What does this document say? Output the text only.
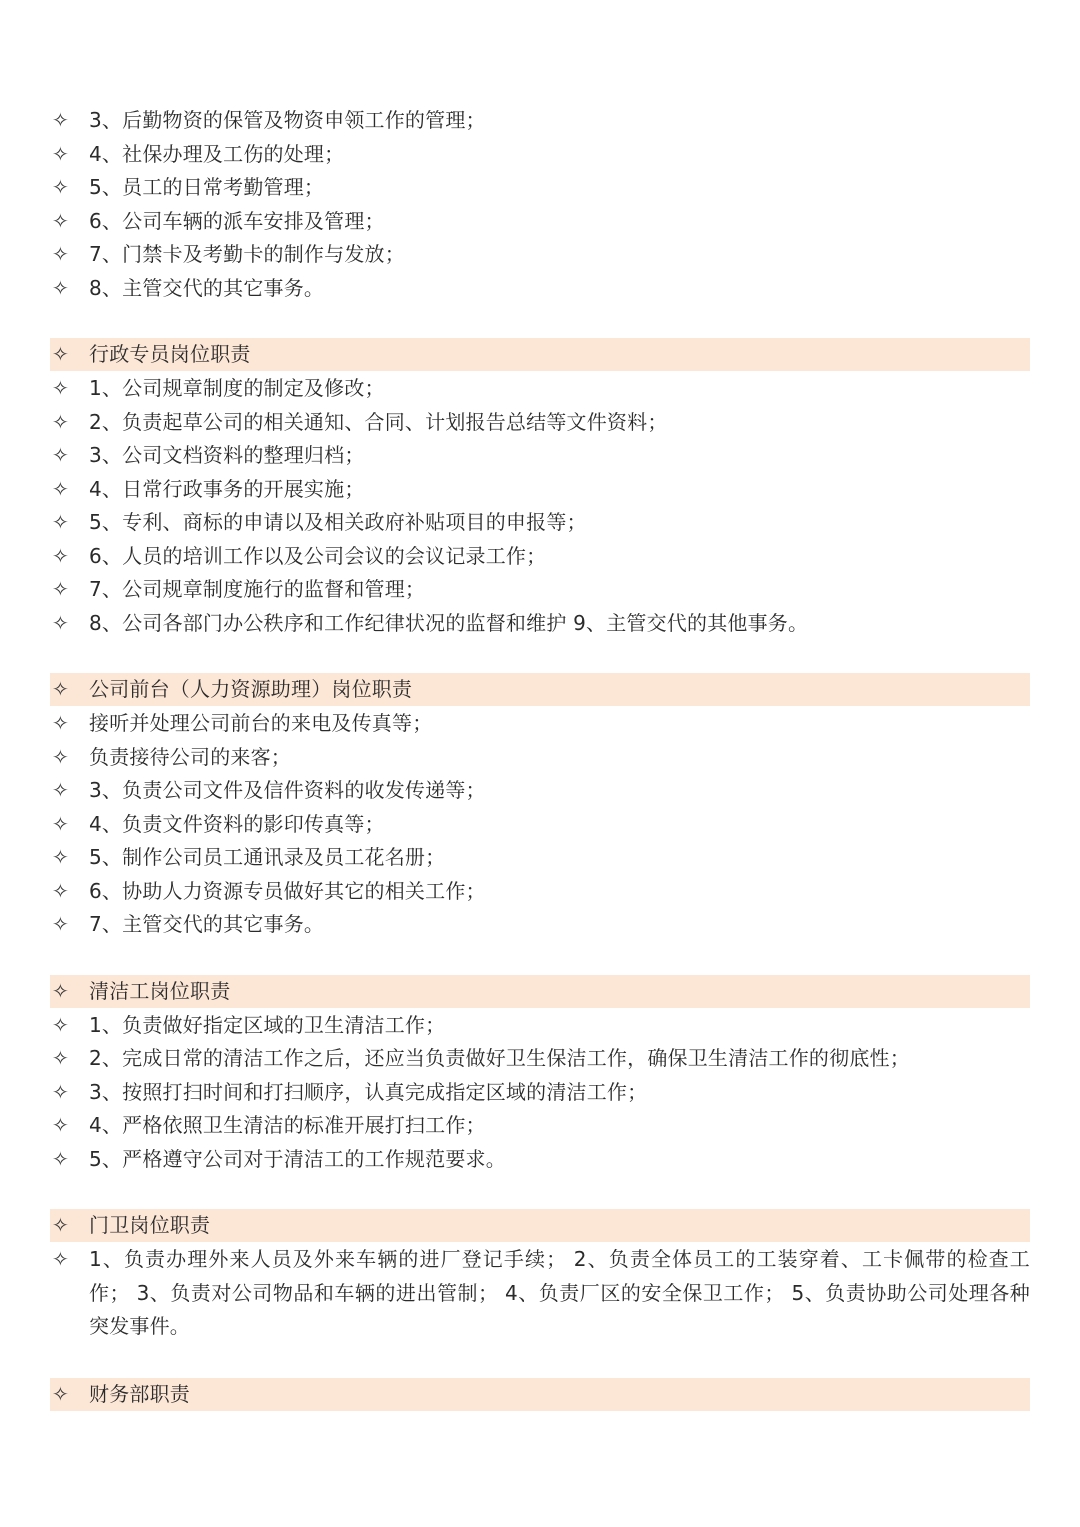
✧	3、后勤物资的保管及物资申领工作的管理；
✧	4、社保办理及工伤的处理；
✧	5、员工的日常考勤管理；
✧	6、公司车辆的派车安排及管理；
✧	7、门禁卡及考勤卡的制作与发放；
✧	8、主管交代的其它事务。
✧	行政专员岗位职责
✧	1、公司规章制度的制定及修改；
✧	2、负责起草公司的相关通知、合同、计划报告总结等文件资料；
✧	3、公司文档资料的整理归档；
✧	4、日常行政事务的开展实施；
✧	5、专利、商标的申请以及相关政府补贴项目的申报等；
✧	6、人员的培训工作以及公司会议的会议记录工作；
✧	7、公司规章制度施行的监督和管理；
✧	8、公司各部门办公秩序和工作纪律状况的监督和维护 9、主管交代的其他事务。
✧	公司前台（人力资源助理）岗位职责
✧	接听并处理公司前台的来电及传真等；
✧	负责接待公司的来客；
✧	3、负责公司文件及信件资料的收发传递等；
✧	4、负责文件资料的影印传真等；
✧	5、制作公司员工通讯录及员工花名册；
✧	6、协助人力资源专员做好其它的相关工作；
✧	7、主管交代的其它事务。
✧	清洁工岗位职责
✧	1、负责做好指定区域的卫生清洁工作；
✧	2、完成日常的清洁工作之后，还应当负责做好卫生保洁工作，确保卫生清洁工作的彻底性；
✧	3、按照打扫时间和打扫顺序，认真完成指定区域的清洁工作；
✧	4、严格依照卫生清洁的标准开展打扫工作；
✧	5、严格遵守公司对于清洁工的工作规范要求。
✧	门卫岗位职责
✧	1、负责办理外来人员及外来车辆的进厂登记手续； 2、负责全体员工的工装穿着、工卡佩带的检查工作； 3、负责对公司物品和车辆的进出管制； 4、负责厂区的安全保卫工作； 5、负责协助公司处理各种突发事件。
✧	财务部职责
